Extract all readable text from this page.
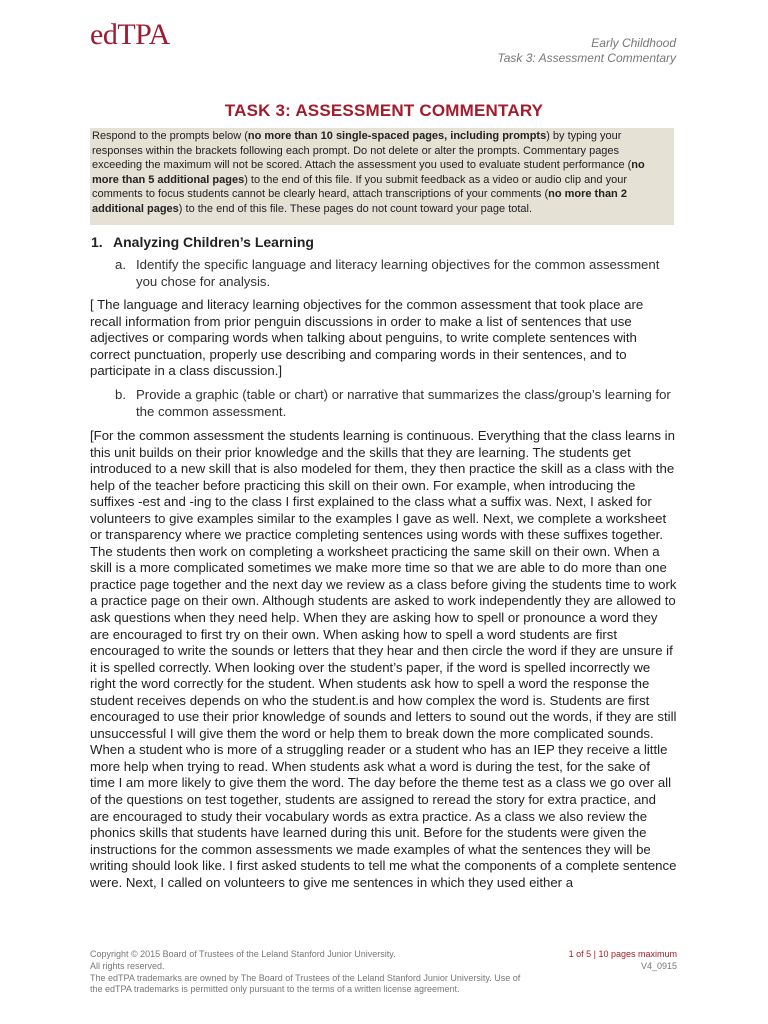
edTPA	Early Childhood
Task 3: Assessment Commentary
TASK 3: ASSESSMENT COMMENTARY
Respond to the prompts below (no more than 10 single-spaced pages, including prompts) by typing your responses within the brackets following each prompt. Do not delete or alter the prompts. Commentary pages exceeding the maximum will not be scored. Attach the assessment you used to evaluate student performance (no more than 5 additional pages) to the end of this file. If you submit feedback as a video or audio clip and your comments to focus students cannot be clearly heard, attach transcriptions of your comments (no more than 2 additional pages) to the end of this file. These pages do not count toward your page total.
1. Analyzing Children’s Learning
a. Identify the specific language and literacy learning objectives for the common assessment you chose for analysis.
[ The language and literacy learning objectives for the common assessment that took place are recall information from prior penguin discussions in order to make a list of sentences that use adjectives or comparing words when talking about penguins, to write complete sentences with correct punctuation, properly use describing and comparing words in their sentences, and to participate in a class discussion.]
b. Provide a graphic (table or chart) or narrative that summarizes the class/group’s learning for the common assessment.
[For the common assessment the students learning is continuous. Everything that the class learns in this unit builds on their prior knowledge and the skills that they are learning. The students get introduced to a new skill that is also modeled for them, they then practice the skill as a class with the help of the teacher before practicing this skill on their own. For example, when introducing the suffixes -est and -ing to the class I first explained to the class what a suffix was. Next, I asked for volunteers to give examples similar to the examples I gave as well. Next, we complete a worksheet or transparency where we practice completing sentences using words with these suffixes together. The students then work on completing a worksheet practicing the same skill on their own. When a skill is a more complicated sometimes we make more time so that we are able to do more than one practice page together and the next day we review as a class before giving the students time to work a practice page on their own. Although students are asked to work independently they are allowed to ask questions when they need help. When they are asking how to spell or pronounce a word they are encouraged to first try on their own. When asking how to spell a word students are first encouraged to write the sounds or letters that they hear and then circle the word if they are unsure if it is spelled correctly. When looking over the student’s paper, if the word is spelled incorrectly we right the word correctly for the student. When students ask how to spell a word the response the student receives depends on who the student.is and how complex the word is. Students are first encouraged to use their prior knowledge of sounds and letters to sound out the words, if they are still unsuccessful I will give them the word or help them to break down the more complicated sounds. When a student who is more of a struggling reader or a student who has an IEP they receive a little more help when trying to read. When students ask what a word is during the test, for the sake of time I am more likely to give them the word. The day before the theme test as a class we go over all of the questions on test together, students are assigned to reread the story for extra practice, and are encouraged to study their vocabulary words as extra practice. As a class we also review the phonics skills that students have learned during this unit. Before for the students were given the instructions for the common assessments we made examples of what the sentences they will be writing should look like. I first asked students to tell me what the components of a complete sentence were. Next, I called on volunteers to give me sentences in which they used either a
Copyright © 2015 Board of Trustees of the Leland Stanford Junior University.
All rights reserved.
The edTPA trademarks are owned by The Board of Trustees of the Leland Stanford Junior University. Use of the edTPA trademarks is permitted only pursuant to the terms of a written license agreement.
1 of 5 | 10 pages maximum
V4_0915
